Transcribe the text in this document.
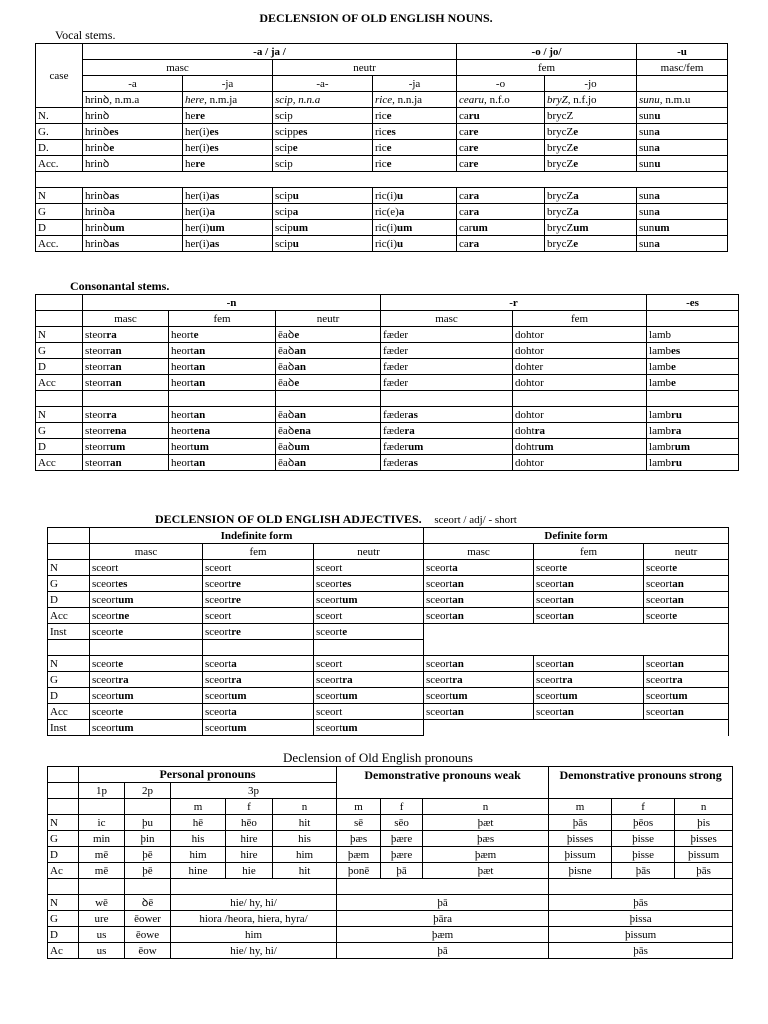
DECLENSION OF OLD ENGLISH NOUNS.
Vocal stems.
case	-a / ja /				-o / jo/		-u
	masc		neutr		fem		masc/fem
	-a	-ja	-a-	-ja	-o	-jo	
	hrinꝺ, n.m.a	here, n.m.ja	scip, n.n.a	rice, n.n.ja	cearu, n.f.o	bryZ, n.f.jo	sunu, n.m.u
N.	hrinꝺ	here	scip	rice	caru	brycZ	sunu
G.	hrinꝺes	her(i)es	scippes	rices	care	brycZe	suna
D.	hrinꝺe	her(i)es	scipe	rice	care	brycZe	suna
Acc.	hrinꝺ	here	scip	rice	care	brycZe	sunu

N	hrinꝺas	her(i)as	scipu	ric(i)u	cara	brycZa	suna
G	hrinꝺa	her(i)a	scipa	ric(e)a	cara	brycZa	suna
D	hrinꝺum	her(i)um	scipum	ric(i)um	carum	brycZum	sunum
Acc.	hrinꝺas	her(i)as	scipu	ric(i)u	cara	brycZe	suna
Consonantal stems.
	-n			-r		-es
	masc	fem	neutr	masc	fem	
N	steorra	heorte	ēaꝺe	fæder	dohtor	lamb
G	steorran	heortan	ēaꝺan	fæder	dohtor	lambes
D	steorran	heortan	ēaꝺan	fæder	dohter	lambe
Acc	steorran	heortan	ēaꝺe	fæder	dohtor	lambe

N	steorra	heortan	ēaꝺan	fæderas	dohtor	lambru
G	steorrena	heortena	ēaꝺena	fædera	dohtra	lambra
D	steorrum	heortum	ēaꝺum	fæderum	dohtrum	lambrum
Acc	steorran	heortan	ēaꝺan	fæderas	dohtor	lambru
DECLENSION OF OLD ENGLISH ADJECTIVES. sceort / adj/ - short
	Indefinite form			Definite form		
	masc	fem	neutr	masc	fem	neutr
N	sceort	sceort	sceort	sceorta	sceorte	sceorte
G	sceortes	sceortre	sceortes	sceortan	sceortan	sceortan
D	sceortum	sceortre	sceortum	sceortan	sceortan	sceortan
Acc	sceortne	sceort	sceort	sceortan	sceortan	sceorte
Inst	sceorte	sceortre	sceorte			

N	sceorte	sceorta	sceort	sceortan	sceortan	sceortan
G	sceortra	sceortra	sceortra	sceortra	sceortra	sceortra
D	sceortum	sceortum	sceortum	sceortum	sceortum	sceortum
Acc	sceorte	sceorta	sceort	sceortan	sceortan	sceortan
Inst	sceortum	sceortum	sceortum			
Declension of Old English pronouns
	Personal pronouns					Demonstrative pronouns weak			Demonstrative pronouns strong		

	1p	2p	3p								
			m	f	n	m	f	n	m	f	n
N	ic	þu	hē	hēo	hit	sē	sēo	þæt	þās	þēos	þis
G	min	þin	his	hire	his	þæs	þære	þæs	þisses	þisse	þisses
D	mē	þē	him	hire	him	þæm	þære	þæm	þissum	þisse	þissum
Ac	mē	þē	hine	hie	hit	þonē	þā	þæt	þisne	þās	þās

N	wē	ꝺē	hie/ hy, hi/			þā			þās		
G	ure	ēower	hiora /heora, hiera, hyra/			þāra			þissa		
D	us	ēowe	him			þæm			þissum		
Ac	us	ēow	hie/ hy, hi/			þā			þās		
